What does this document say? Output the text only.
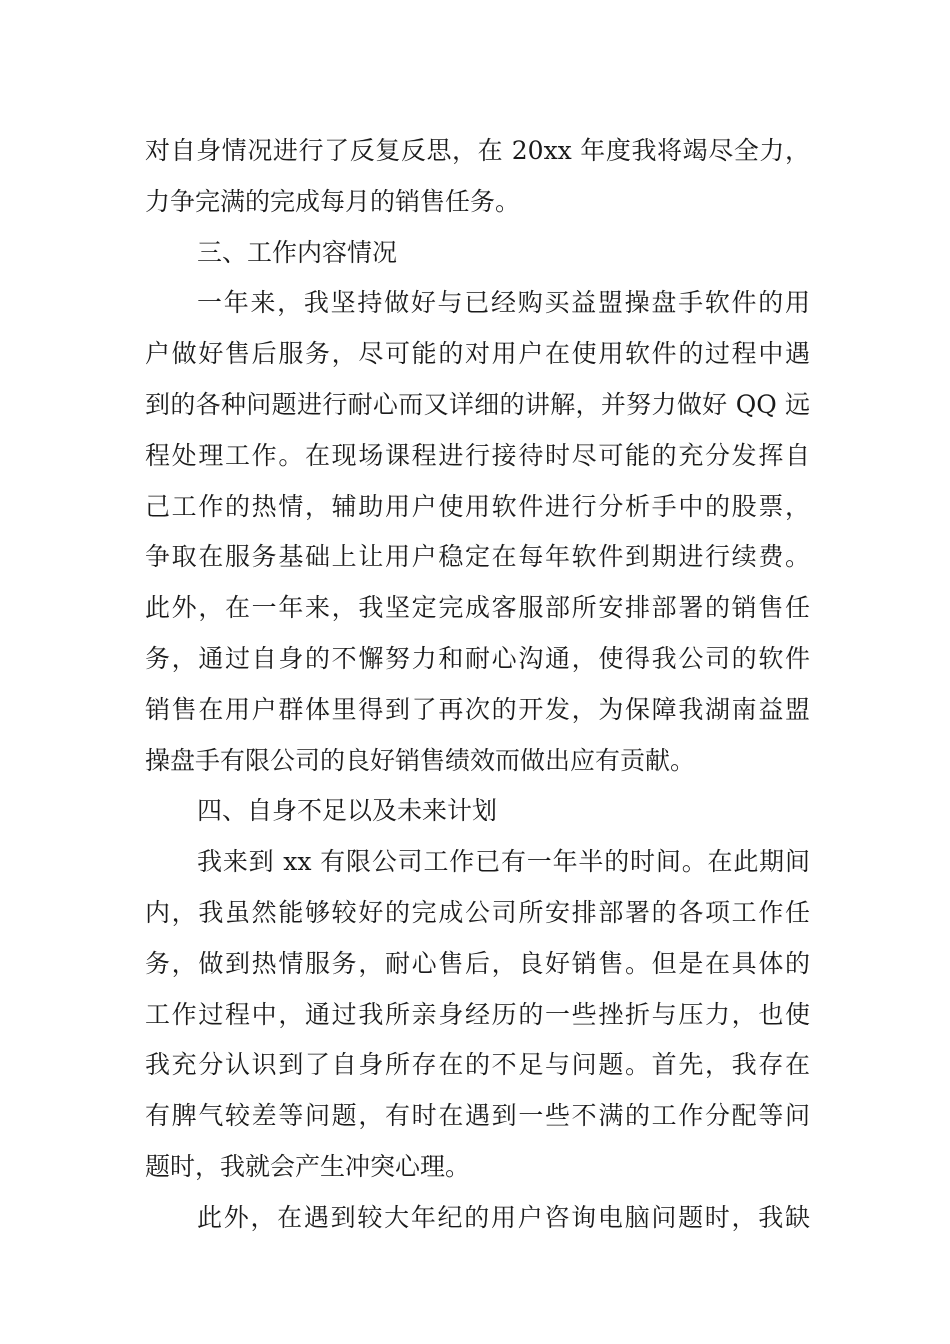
对自身情况进行了反复反思，在 20xx 年度我将竭尽全力，
力争完满的完成每月的销售任务。
三、工作内容情况
一年来，我坚持做好与已经购买益盟操盘手软件的用
户做好售后服务，尽可能的对用户在使用软件的过程中遇
到的各种问题进行耐心而又详细的讲解，并努力做好 QQ 远
程处理工作。在现场课程进行接待时尽可能的充分发挥自
己工作的热情，辅助用户使用软件进行分析手中的股票，
争取在服务基础上让用户稳定在每年软件到期进行续费。
此外，在一年来，我坚定完成客服部所安排部署的销售任
务，通过自身的不懈努力和耐心沟通，使得我公司的软件
销售在用户群体里得到了再次的开发，为保障我湖南益盟
操盘手有限公司的良好销售绩效而做出应有贡献。
四、自身不足以及未来计划
我来到 xx 有限公司工作已有一年半的时间。在此期间
内，我虽然能够较好的完成公司所安排部署的各项工作任
务，做到热情服务，耐心售后，良好销售。但是在具体的
工作过程中，通过我所亲身经历的一些挫折与压力，也使
我充分认识到了自身所存在的不足与问题。首先，我存在
有脾气较差等问题，有时在遇到一些不满的工作分配等问
题时，我就会产生冲突心理。
此外，在遇到较大年纪的用户咨询电脑问题时，我缺
